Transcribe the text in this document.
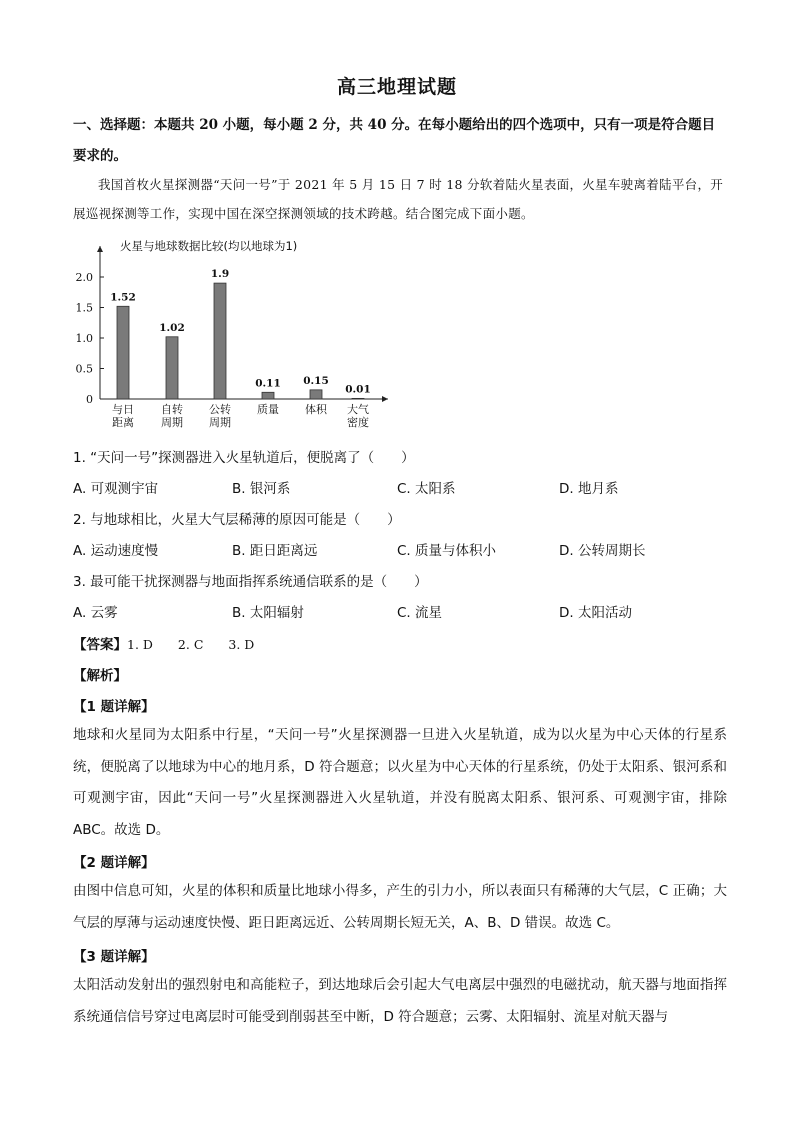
高三地理试题
一、选择题：本题共 20 小题，每小题 2 分，共 40 分。在每小题给出的四个选项中，只有一项是符合题目要求的。
我国首枚火星探测器“天问一号”于 2021 年 5 月 15 日 7 时 18 分软着陆火星表面，火星车驶离着陆平台，开展巡视探测等工作，实现中国在深空探测领域的技术跨越。结合图完成下面小题。
火星与地球数据比较(均以地球为1)
0
0.5
1.0
1.5
2.0
1.52
与日
距离
1.02
自转
周期
1.9
公转
周期
0.11
质量
0.15
体积
0.01
大气
密度
1. “天问一号”探测器进入火星轨道后，便脱离了（　　）
A. 可观测宇宙	B. 银河系	C. 太阳系	D. 地月系
2. 与地球相比，火星大气层稀薄的原因可能是（　　）
A. 运动速度慢	B. 距日距离远	C. 质量与体积小	D. 公转周期长
3. 最可能干扰探测器与地面指挥系统通信联系的是（　　）
A. 云雾	B. 太阳辐射	C. 流星	D. 太阳活动
【答案】1. D　　2. C　　3. D
【解析】
【1 题详解】
地球和火星同为太阳系中行星，“天问一号”火星探测器一旦进入火星轨道，成为以火星为中心天体的行星系统，便脱离了以地球为中心的地月系，D 符合题意；以火星为中心天体的行星系统，仍处于太阳系、银河系和可观测宇宙，因此“天问一号”火星探测器进入火星轨道，并没有脱离太阳系、银河系、可观测宇宙，排除 ABC。故选 D。
【2 题详解】
由图中信息可知，火星的体积和质量比地球小得多，产生的引力小，所以表面只有稀薄的大气层，C 正确；大气层的厚薄与运动速度快慢、距日距离远近、公转周期长短无关，A、B、D 错误。故选 C。
【3 题详解】
太阳活动发射出的强烈射电和高能粒子，到达地球后会引起大气电离层中强烈的电磁扰动，航天器与地面指挥系统通信信号穿过电离层时可能受到削弱甚至中断，D 符合题意；云雾、太阳辐射、流星对航天器与
